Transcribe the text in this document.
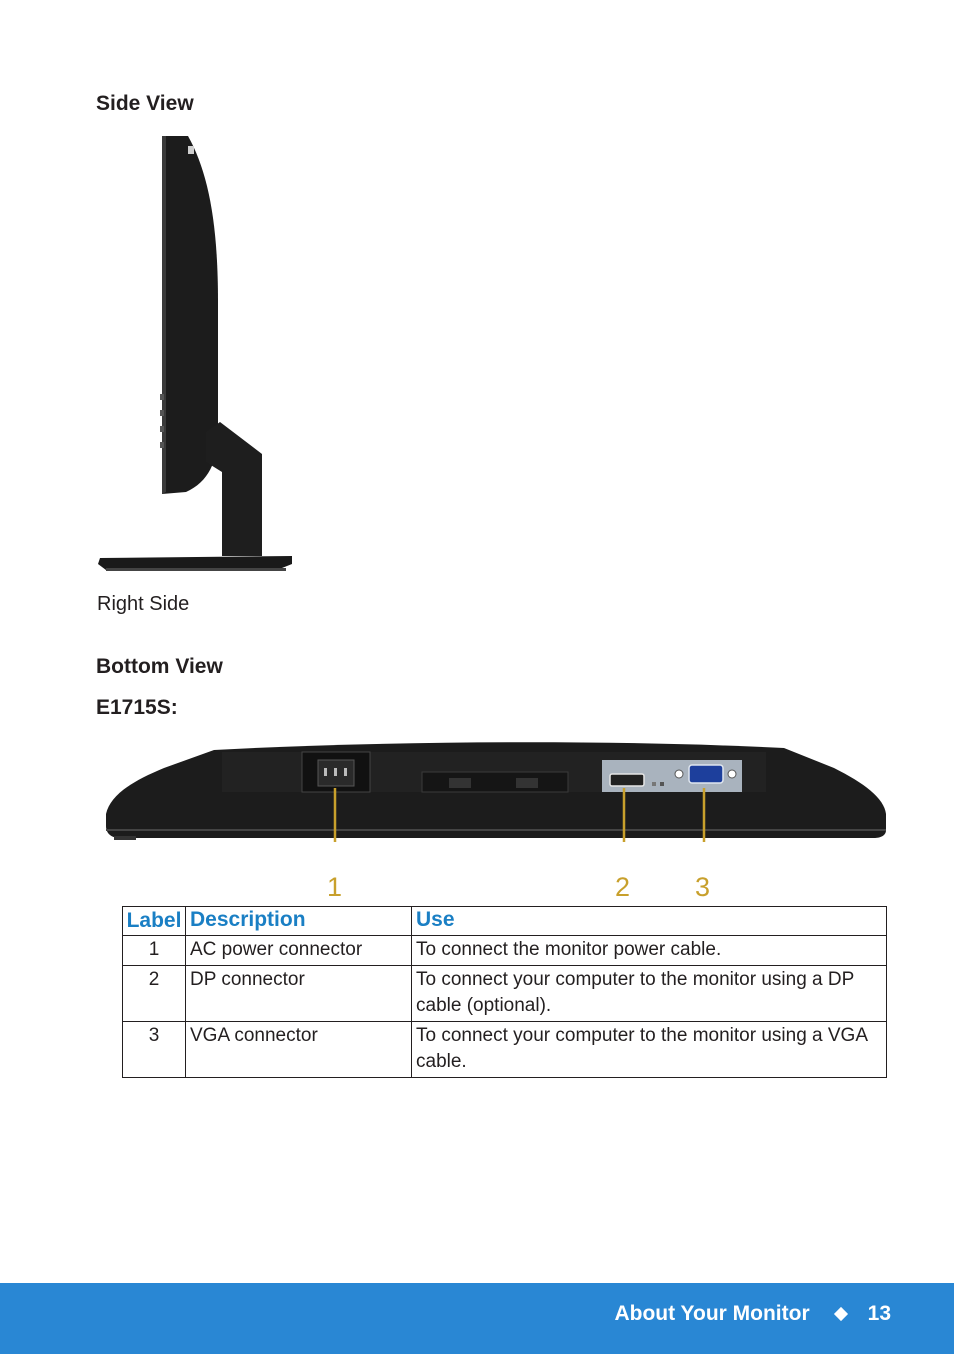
Side View
Right Side
Bottom View
E1715S:
1	2 3
Label	Description	Use
1	AC power connector	To connect the monitor power cable.
2	DP connector	To connect your computer to the monitor using a DP cable (optional).
3	VGA connector	To connect your computer to the monitor using a VGA cable.
About Your Monitor	13
